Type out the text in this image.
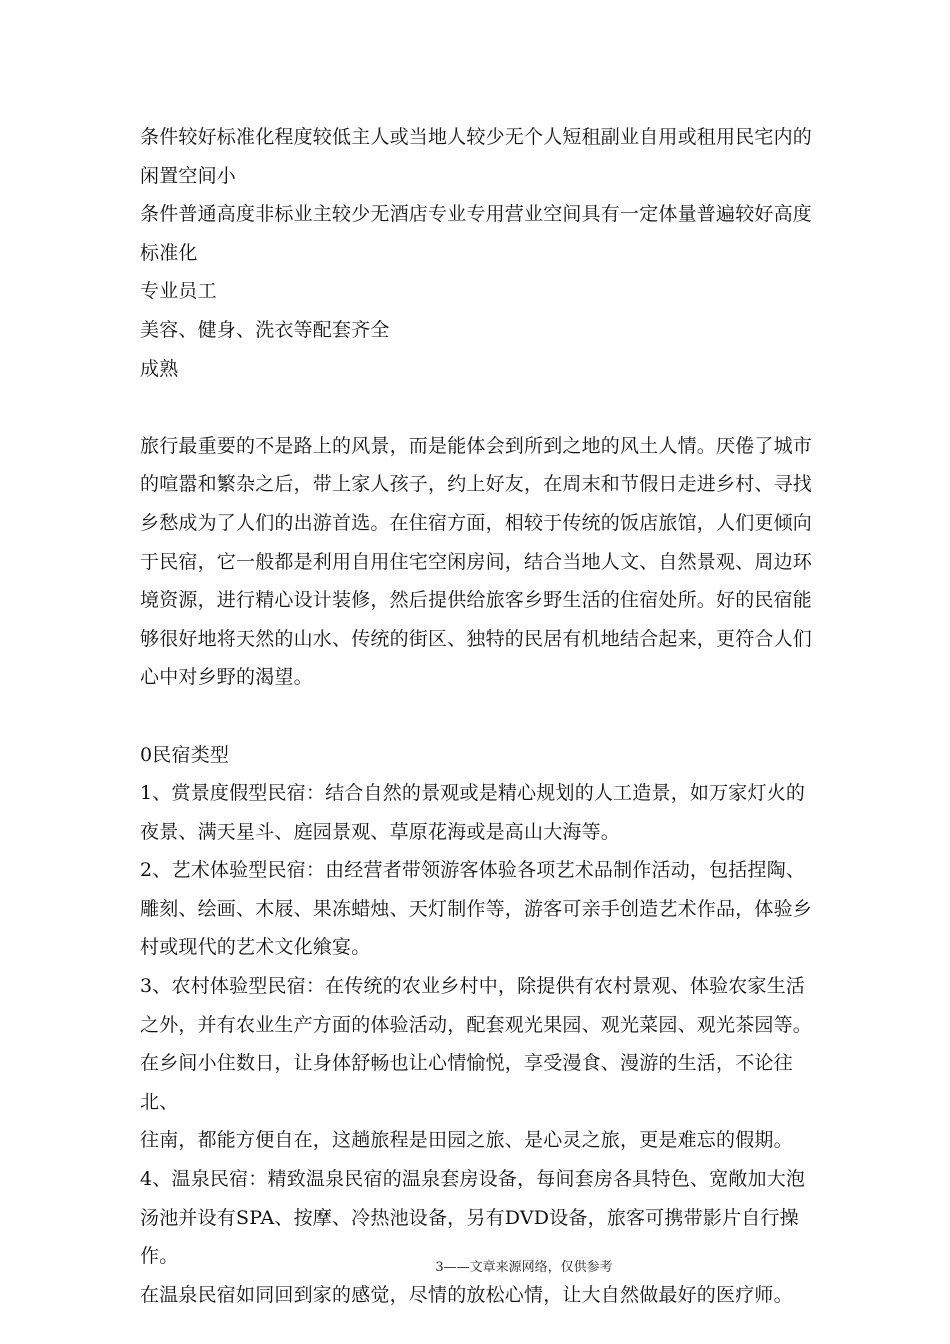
条件较好标准化程度较低主人或当地人较少无个人短租副业自用或租用民宅内的

闲置空间小

条件普通高度非标业主较少无酒店专业专用营业空间具有一定体量普遍较好高度

标准化

专业员工

美容、健身、洗衣等配套齐全

成熟

旅行最重要的不是路上的风景，而是能体会到所到之地的风土人情。厌倦了城市

的喧嚣和繁杂之后，带上家人孩子，约上好友，在周末和节假日走进乡村、寻找

乡愁成为了人们的出游首选。在住宿方面，相较于传统的饭店旅馆，人们更倾向

于民宿，它一般都是利用自用住宅空闲房间，结合当地人文、自然景观、周边环

境资源，进行精心设计装修，然后提供给旅客乡野生活的住宿处所。好的民宿能

够很好地将天然的山水、传统的街区、独特的民居有机地结合起来，更符合人们

心中对乡野的渴望。

0民宿类型

1、赏景度假型民宿：结合自然的景观或是精心规划的人工造景，如万家灯火的

夜景、满天星斗、庭园景观、草原花海或是高山大海等。

2、艺术体验型民宿：由经营者带领游客体验各项艺术品制作活动，包括捏陶、

雕刻、绘画、木屐、果冻蜡烛、天灯制作等，游客可亲手创造艺术作品，体验乡

村或现代的艺术文化飨宴。

3、农村体验型民宿：在传统的农业乡村中，除提供有农村景观、体验农家生活

之外，并有农业生产方面的体验活动，配套观光果园、观光菜园、观光茶园等。

在乡间小住数日，让身体舒畅也让心情愉悦，享受漫食、漫游的生活，不论往北、

往南，都能方便自在，这趟旅程是田园之旅、是心灵之旅，更是难忘的假期。

4、温泉民宿：精致温泉民宿的温泉套房设备，每间套房各具特色、宽敞加大泡

汤池并设有SPA、按摩、冷热池设备，另有DVD设备，旅客可携带影片自行操作。

在温泉民宿如同回到家的感觉，尽情的放松心情，让大自然做最好的医疗师。

3——文章来源网络，仅供参考
